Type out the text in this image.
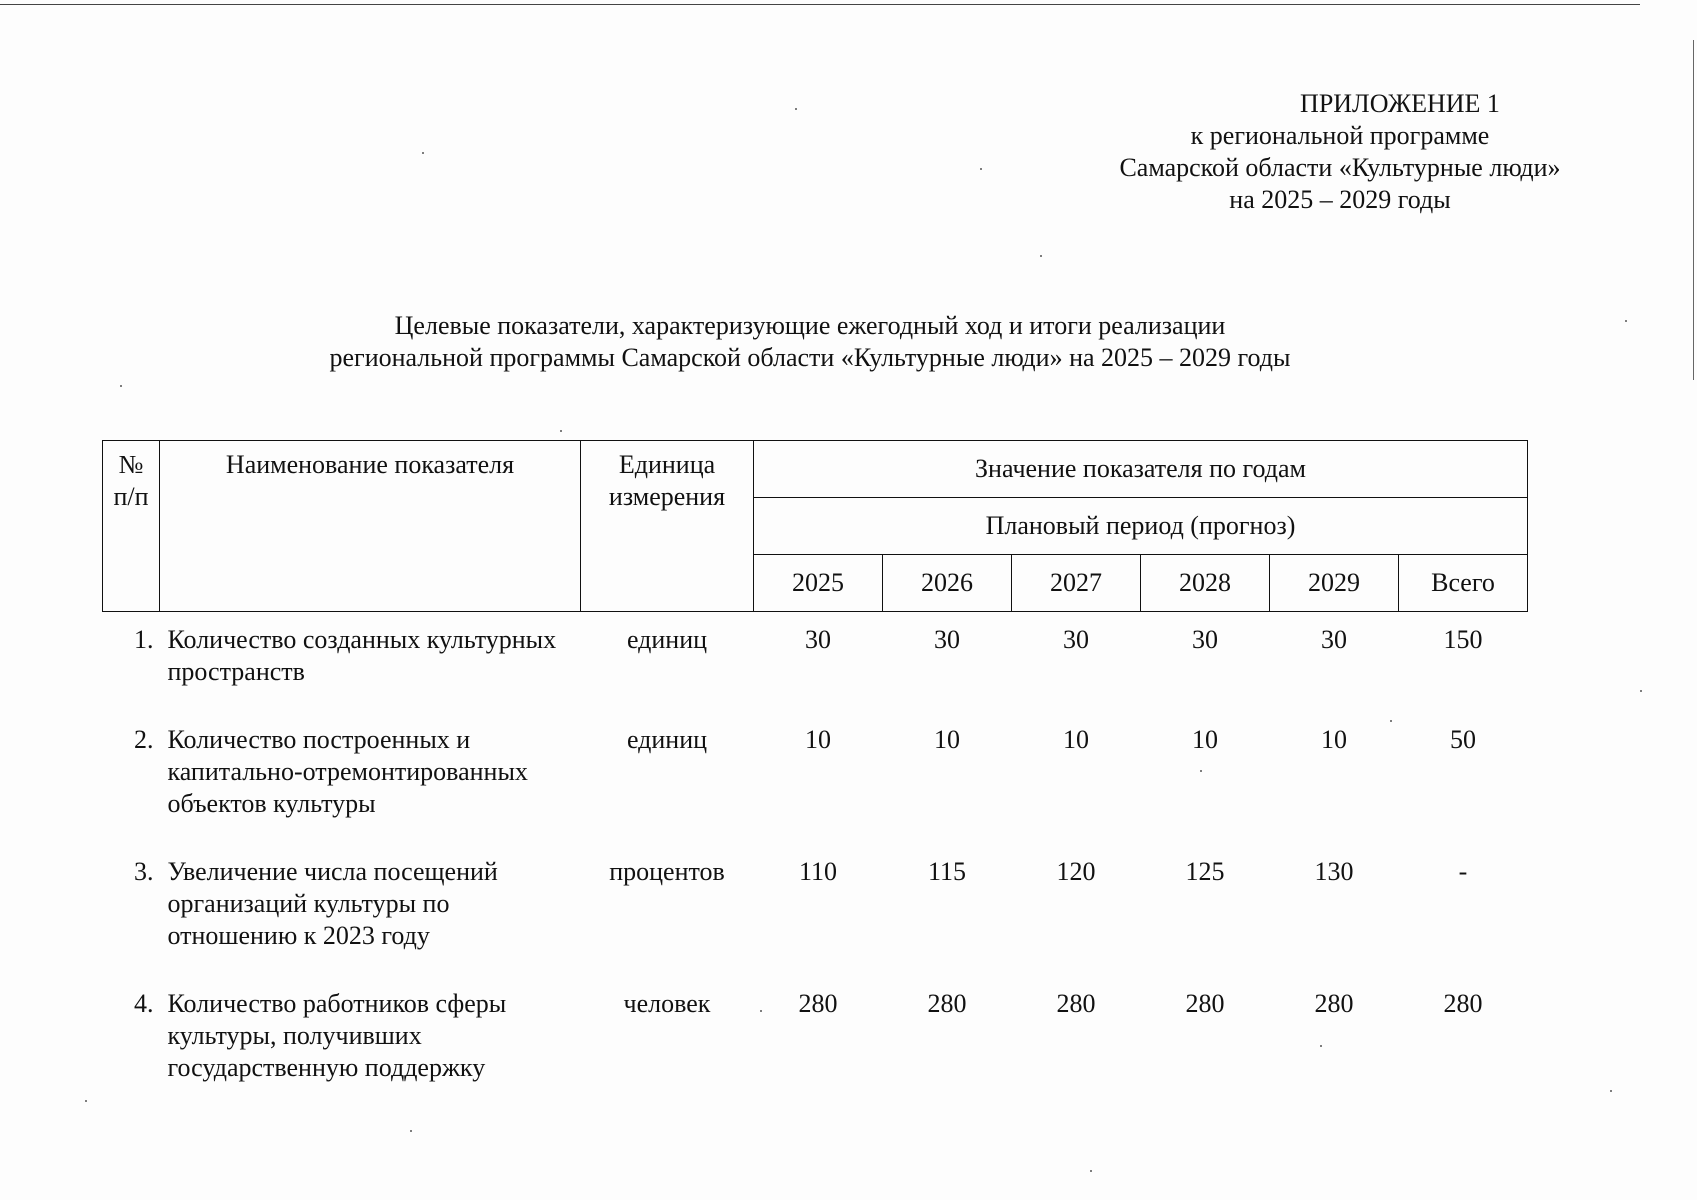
ПРИЛОЖЕНИЕ 1
к региональной программе
Самарской области «Культурные люди»
на 2025 – 2029 годы
Целевые показатели, характеризующие ежегодный ход и итоги реализации
региональной программы Самарской области «Культурные люди» на 2025 – 2029 годы
№ п/п	Наименование показателя	Единица измерения	Значение показателя по годам					
			Плановый период (прогноз)					
			2025	2026	2027	2028	2029	Всего
1.	Количество созданных культурных пространств	единиц	30	30	30	30	30	150
2.	Количество построенных и капитально-отремонтированных объектов культуры	единиц	10	10	10	10	10	50
3.	Увеличение числа посещений организаций культуры по отношению к 2023 году	процентов	110	115	120	125	130	-
4.	Количество работников сферы культуры, получивших государственную поддержку	человек	280	280	280	280	280	280
